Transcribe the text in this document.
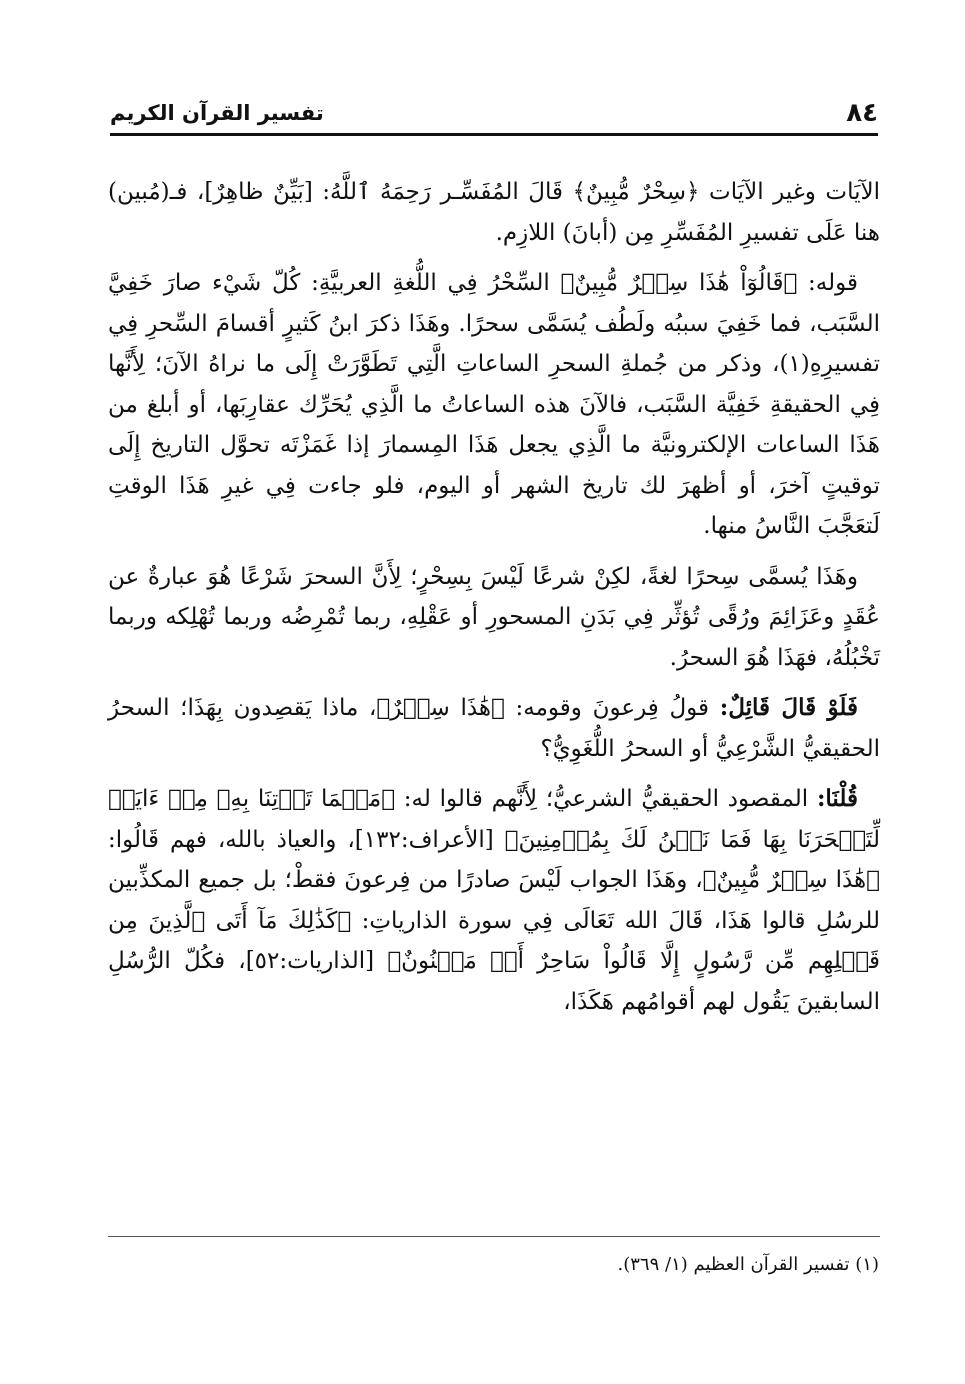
٨٤
تفسير القرآن الكريم

الآيَات وغير الآيَات ﴿سِحْرٌ مُّبِينٌ﴾ قَالَ المُفَسِّـر رَحِمَهُ ٱللَّهُ: [بَيِّنٌ ظاهِرٌ]، فـ(مُبين) هنا عَلَى تفسيرِ المُفَسِّرِ مِن (أبانَ) اللازِم.

قوله: ﴿قَالُوٓاْ هَٰذَا سِحۡرٌ مُّبِينٌ﴾ السِّحْرُ فِي اللُّغةِ العربيَّةِ: كُلّ شَيْء صارَ خَفِيَّ السَّبَب، فما خَفِيَ سببُه ولَطُف يُسَمَّى سحرًا. وهَذَا ذكرَ ابنُ كَثيرٍ أقسامَ السِّحرِ فِي تفسيرِهِ(١)، وذكر من جُملةِ السحرِ الساعاتِ الَّتِي تَطَوَّرَتْ إِلَى ما نراهُ الآنَ؛ لِأَنَّها فِي الحقيقةِ خَفِيَّة السَّبَب، فالآنَ هذه الساعاتُ ما الَّذِي يُحَرِّك عقارِبَها، أو أبلغ من هَذَا الساعات الإلكترونيَّة ما الَّذِي يجعل هَذَا المِسمارَ إذا غَمَزْتَه تحوَّل التاريخ إِلَى توقيتٍ آخرَ، أو أظهرَ لك تاريخ الشهر أو اليوم، فلو جاءت فِي غيرِ هَذَا الوقتِ لَتعَجَّبَ النَّاسُ منها.

وهَذَا يُسمَّى سِحرًا لغةً، لكِنْ شرعًا لَيْسَ بِسِحْرٍ؛ لِأَنَّ السحرَ شَرْعًا هُوَ عبارةٌ عن عُقَدٍ وعَزَائِمَ ورُقًى تُؤثِّر فِي بَدَنِ المسحورِ أو عَقْلِهِ، ربما تُمْرِضُه وربما تُهْلِكه وربما تَخْبُلُهُ، فهَذَا هُوَ السحرُ.

فَلَوْ قَالَ قَائِلٌ: قولُ فِرعونَ وقومه: ﴿هَٰذَا سِحۡرٌ﴾، ماذا يَقصِدون بِهَذَا؛ السحرُ الحقيقيُّ الشَّرْعِيُّ أو السحرُ اللُّغَوِيُّ؟

قُلْنَا: المقصود الحقيقيُّ الشرعيُّ؛ لِأَنَّهم قالوا له: ﴿مَهۡمَا تَأۡتِنَا بِهِۦ مِنۡ ءَايَةٖ لِّتَسۡحَرَنَا بِهَا فَمَا نَحۡنُ لَكَ بِمُؤۡمِنِينَ﴾ [الأعراف:١٣٢]، والعياذ بالله، فهم قَالُوا: ﴿هَٰذَا سِحۡرٌ مُّبِينٌ﴾، وهَذَا الجواب لَيْسَ صادرًا من فِرعونَ فقطْ؛ بل جميع المكذِّبين للرسُلِ قالوا هَذَا، قَالَ الله تَعَالَى فِي سورة الذارياتِ: ﴿كَذَٰلِكَ مَآ أَتَى ٱلَّذِينَ مِن قَبۡلِهِم مِّن رَّسُولٍ إِلَّا قَالُواْ سَاحِرٌ أَوۡ مَجۡنُونٌ﴾ [الذاريات:٥٢]، فكُلّ الرُّسُلِ السابقينَ يَقُول لهم أقوامُهم هَكَذَا،

(١) تفسير القرآن العظيم (١/ ٣٦٩).
